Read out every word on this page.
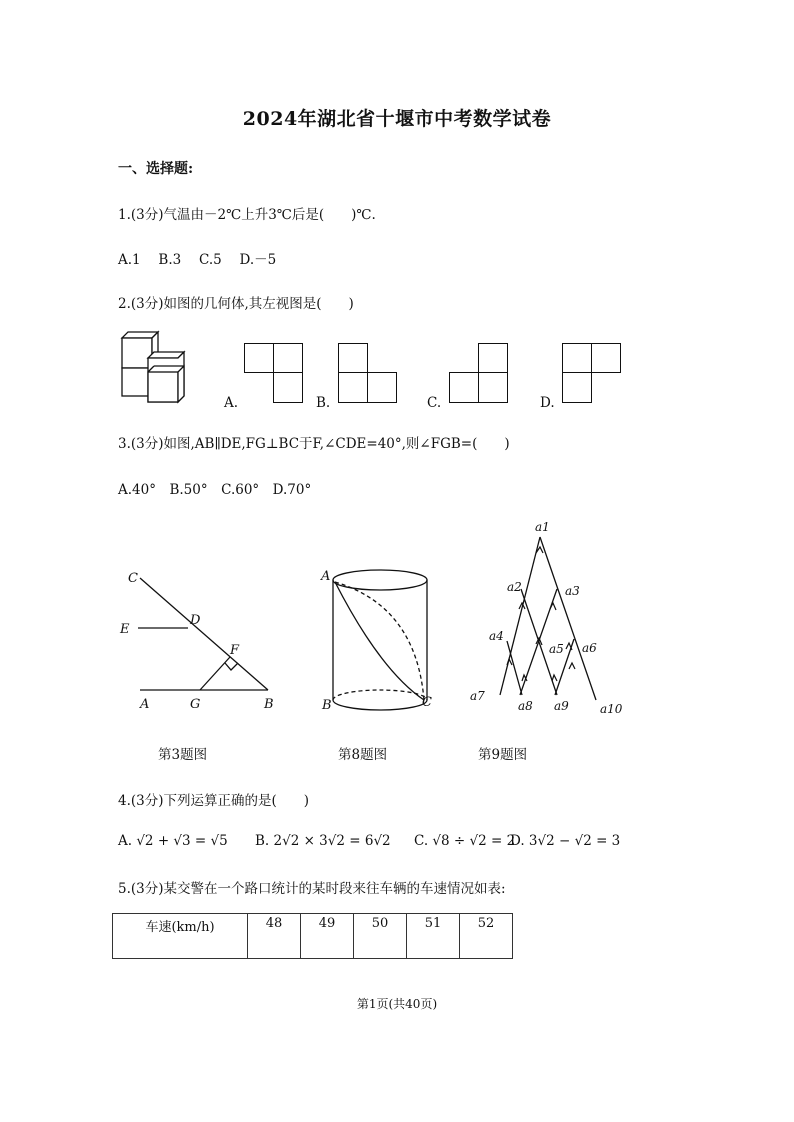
2024年湖北省十堰市中考数学试卷
一、选择题:
1.(3分)气温由－2℃上升3℃后是(　　)℃.
A.1　 B.3　 C.5　 D.－5
2.(3分)如图的几何体,其左视图是(　　)
A.	B.	C.	D.
3.(3分)如图,AB∥DE,FG⊥BC于F,∠CDE=40°,则∠FGB=(　　)
A.40°　B.50°　C.60°　D.70°
C
D
E
F
A	G	B
第3题图
A
B	C
第8题图
a1
a2	a3
a4
a5 a6
a7
a8 a9	a10
第9题图
4.(3分)下列运算正确的是(　　)
A. √2 + √3 = √5 B. 2√2 × 3√2 = 6√2 C. √8 ÷ √2 = 2
D. 3√2 − √2 = 3
5.(3分)某交警在一个路口统计的某时段来往车辆的车速情况如表:
车速(km/h)	48	49	50	51	52
第1页(共40页)
